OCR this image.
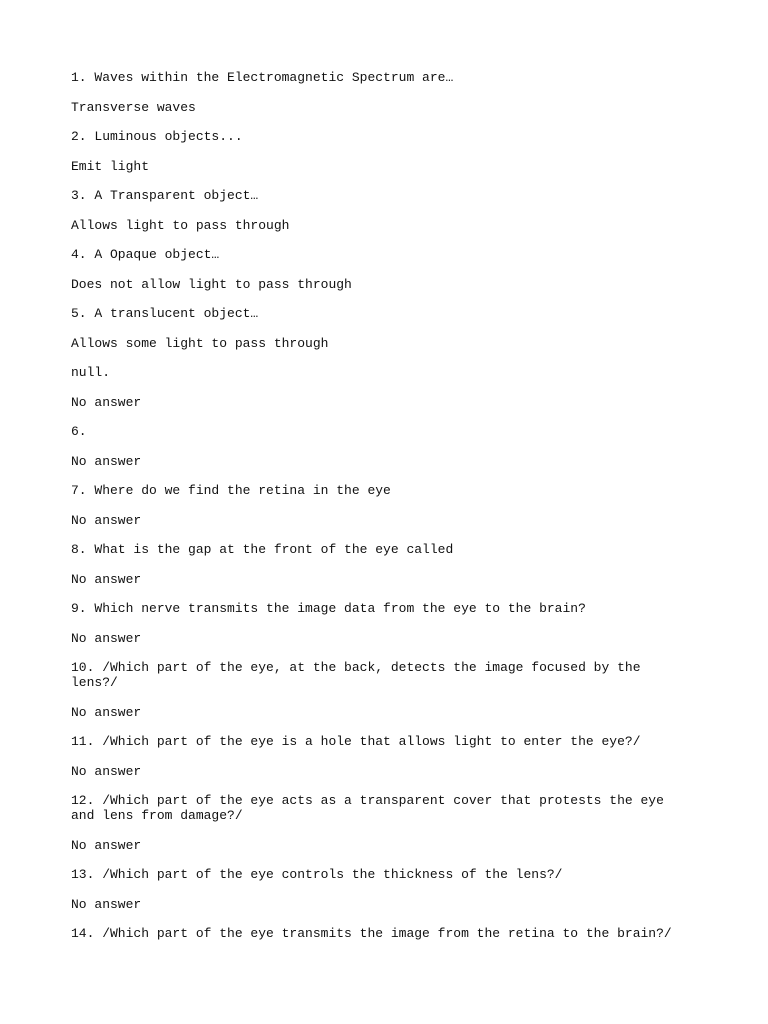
1. Waves within the Electromagnetic Spectrum are…
Transverse waves
2. Luminous objects...
Emit light
3. A Transparent object…
Allows light to pass through
4. A Opaque object…
Does not allow light to pass through
5. A translucent object…
Allows some light to pass through
null.
No answer
6.
No answer
7. Where do we find the retina in the eye
No answer
8. What is the gap at the front of the eye called
No answer
9. Which nerve transmits the image data from the eye to the brain?
No answer
10. /Which part of the eye, at the back, detects the image focused by the lens?/
No answer
11. /Which part of the eye is a hole that allows light to enter the eye?/
No answer
12. /Which part of the eye acts as a transparent cover that protests the eye and lens from damage?/
No answer
13. /Which part of the eye controls the thickness of the lens?/
No answer
14. /Which part of the eye transmits the image from the retina to the brain?/
